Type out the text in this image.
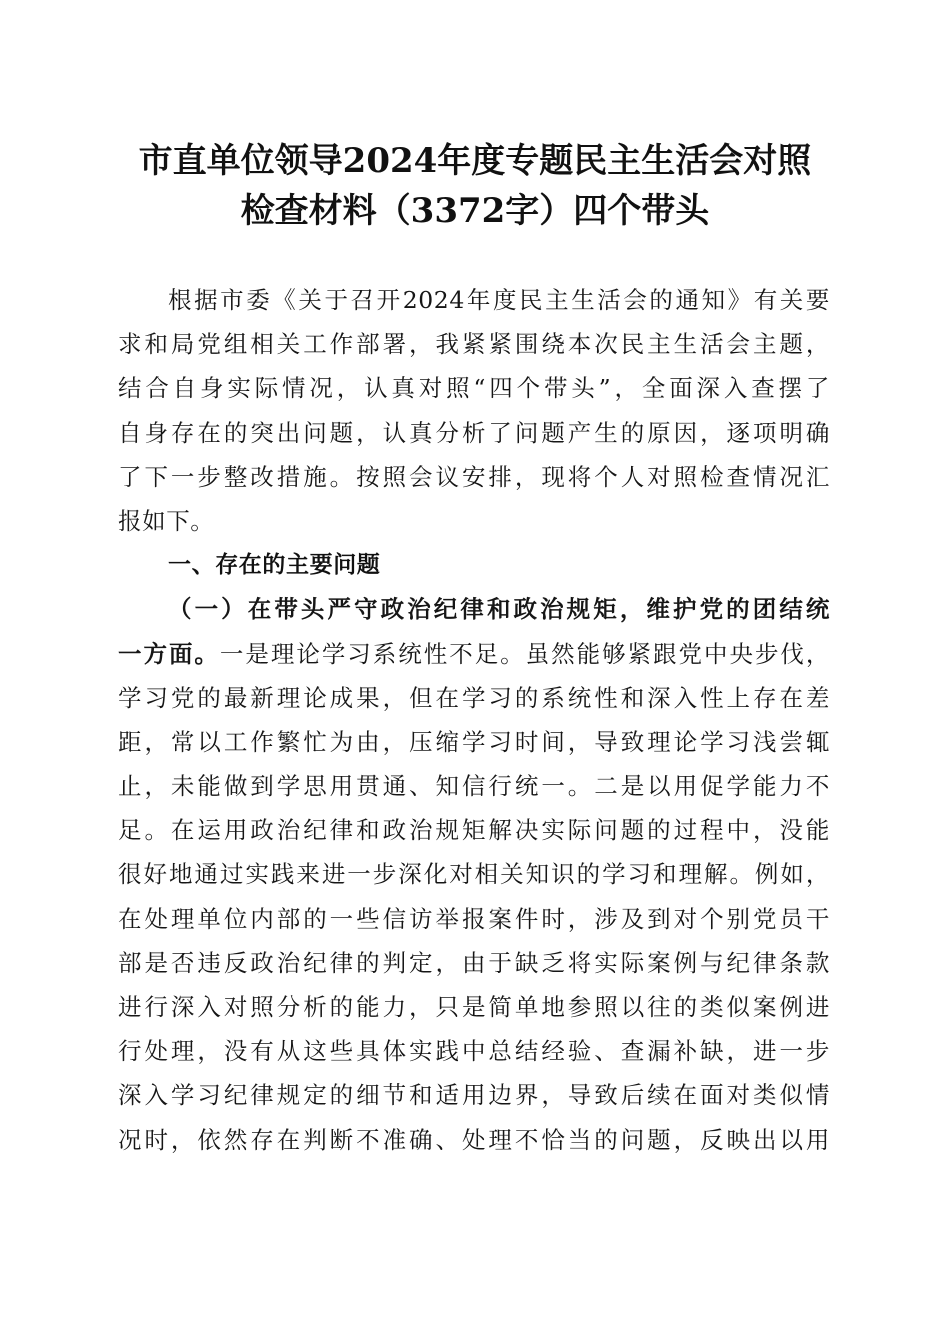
市直单位领导2024年度专题民主生活会对照
检查材料（3372字）四个带头
根据市委《关于召开2024年度民主生活会的通知》有关要
求和局党组相关工作部署，我紧紧围绕本次民主生活会主题，
结合自身实际情况，认真对照“四个带头”，全面深入查摆了
自身存在的突出问题，认真分析了问题产生的原因，逐项明确
了下一步整改措施。按照会议安排，现将个人对照检查情况汇
报如下。
一、存在的主要问题
（一）在带头严守政治纪律和政治规矩，维护党的团结统
一方面。一是理论学习系统性不足。虽然能够紧跟党中央步伐，
学习党的最新理论成果，但在学习的系统性和深入性上存在差
距，常以工作繁忙为由，压缩学习时间，导致理论学习浅尝辄
止，未能做到学思用贯通、知信行统一。二是以用促学能力不
足。在运用政治纪律和政治规矩解决实际问题的过程中，没能
很好地通过实践来进一步深化对相关知识的学习和理解。例如，
在处理单位内部的一些信访举报案件时，涉及到对个别党员干
部是否违反政治纪律的判定，由于缺乏将实际案例与纪律条款
进行深入对照分析的能力，只是简单地参照以往的类似案例进
行处理，没有从这些具体实践中总结经验、查漏补缺，进一步
深入学习纪律规定的细节和适用边界，导致后续在面对类似情
况时，依然存在判断不准确、处理不恰当的问题，反映出以用
